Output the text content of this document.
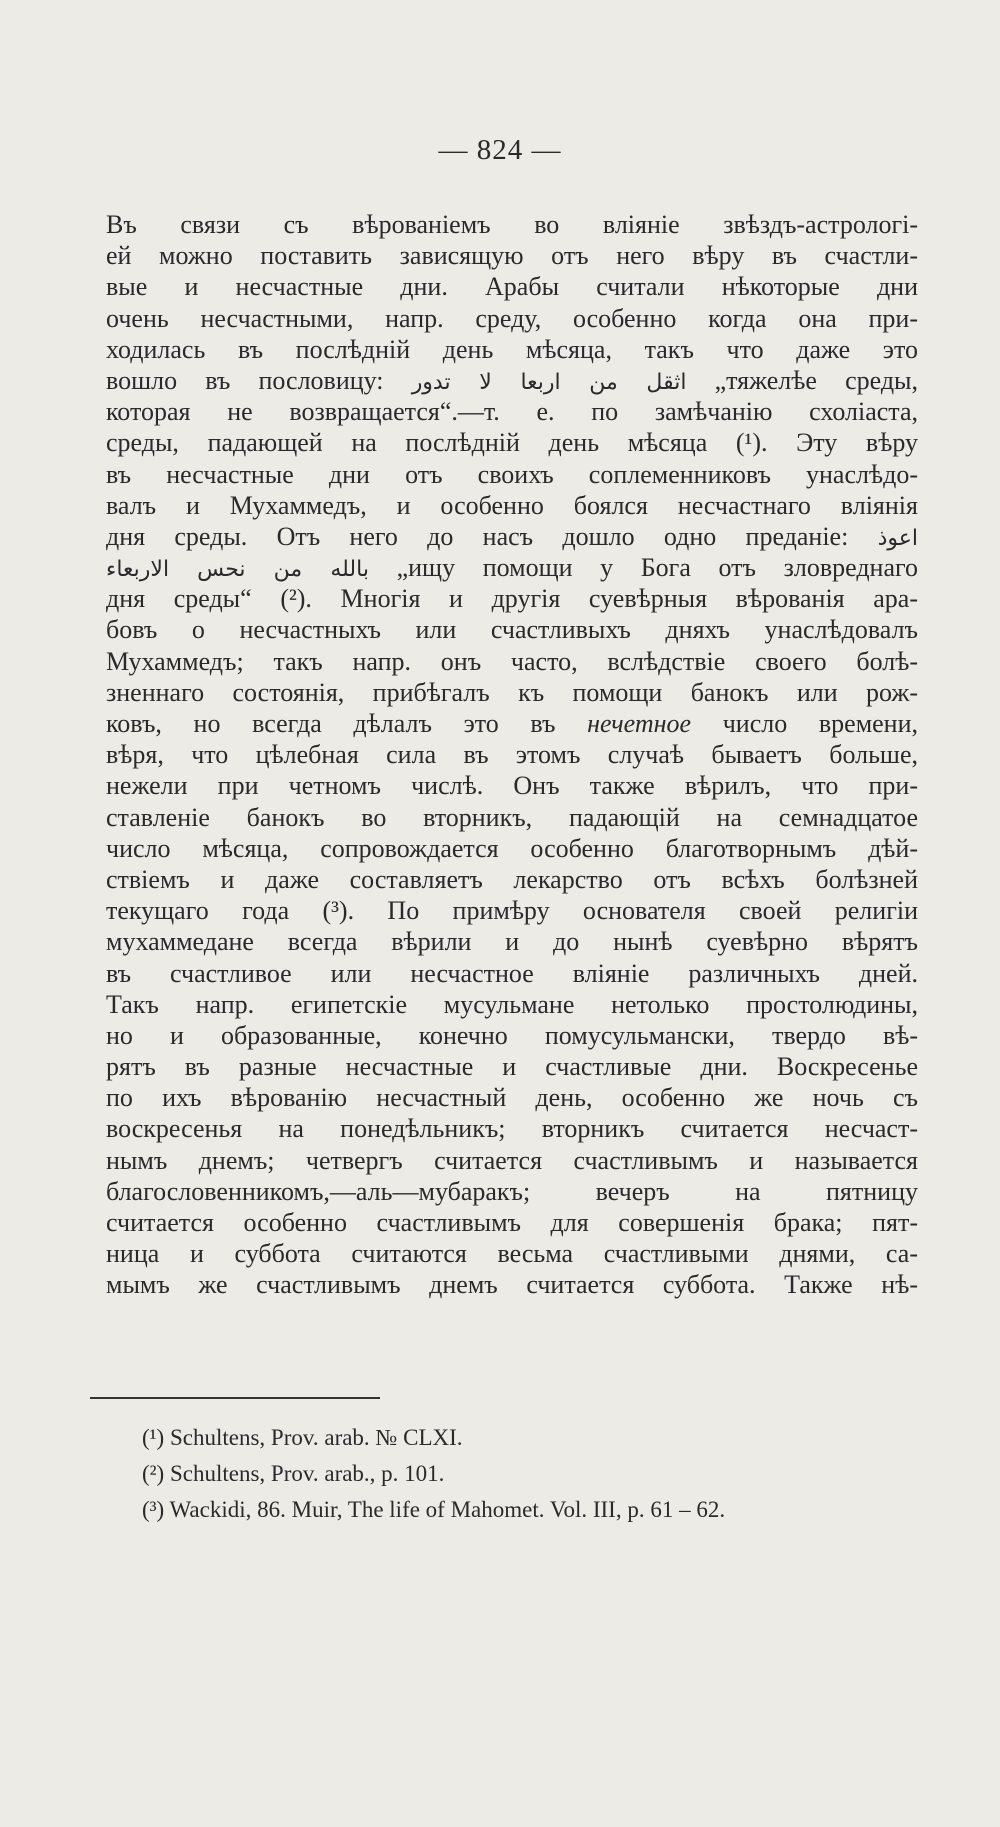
— 824 —
Въ связи съ вѣрованіемъ во вліяніе звѣздъ-астрологі-
ей можно поставить зависящую отъ него вѣру въ счастли-
вые и несчастные дни. Арабы считали нѣкоторые дни
очень несчастными, напр. среду, особенно когда она при-
ходилась въ послѣдній день мѣсяца, такъ что даже это
вошло въ пословицу: اثقل من اربعا لا تدور „тяжелѣе среды,
которая не возвращается“.—т. е. по замѣчанію схоліаста,
среды, падающей на послѣдній день мѣсяца (¹). Эту вѣру
въ несчастные дни отъ своихъ соплеменниковъ унаслѣдо-
валъ и Мухаммедъ, и особенно боялся несчастнаго вліянія
дня среды. Отъ него до насъ дошло одно преданіе: اعوذ
بالله من نحس الاربعاء „ищу помощи у Бога отъ зловреднаго
дня среды“ (²). Многія и другія суевѣрныя вѣрованія ара-
бовъ о несчастныхъ или счастливыхъ дняхъ унаслѣдовалъ
Мухаммедъ; такъ напр. онъ часто, вслѣдствіе своего болѣ-
зненнаго состоянія, прибѣгалъ къ помощи банокъ или рож-
ковъ, но всегда дѣлалъ это въ нечетное число времени,
вѣря, что цѣлебная сила въ этомъ случаѣ бываетъ больше,
нежели при четномъ числѣ. Онъ также вѣрилъ, что при-
ставленіе банокъ во вторникъ, падающій на семнадцатое
число мѣсяца, сопровождается особенно благотворнымъ дѣй-
ствіемъ и даже составляетъ лекарство отъ всѣхъ болѣзней
текущаго года (³). По примѣру основателя своей религіи
мухаммедане всегда вѣрили и до нынѣ суевѣрно вѣрятъ
въ счастливое или несчастное вліяніе различныхъ дней.
Такъ напр. египетскіе мусульмане нетолько простолюдины,
но и образованные, конечно помусульмански, твердо вѣ-
рятъ въ разные несчастные и счастливые дни. Воскресенье
по ихъ вѣрованію несчастный день, особенно же ночь съ
воскресенья на понедѣльникъ; вторникъ считается несчаст-
нымъ днемъ; четвергъ считается счастливымъ и называется
благословенникомъ,—аль—мубаракъ; вечеръ на пятницу
считается особенно счастливымъ для совершенія брака; пят-
ница и суббота считаются весьма счастливыми днями, са-
мымъ же счастливымъ днемъ считается суббота. Также нѣ-
(¹) Schultens, Prov. arab. № CLXI.
(²) Schultens, Prov. arab., p. 101.
(³) Wackidi, 86. Muir, The life of Mahomet. Vol. III, p. 61 – 62.
